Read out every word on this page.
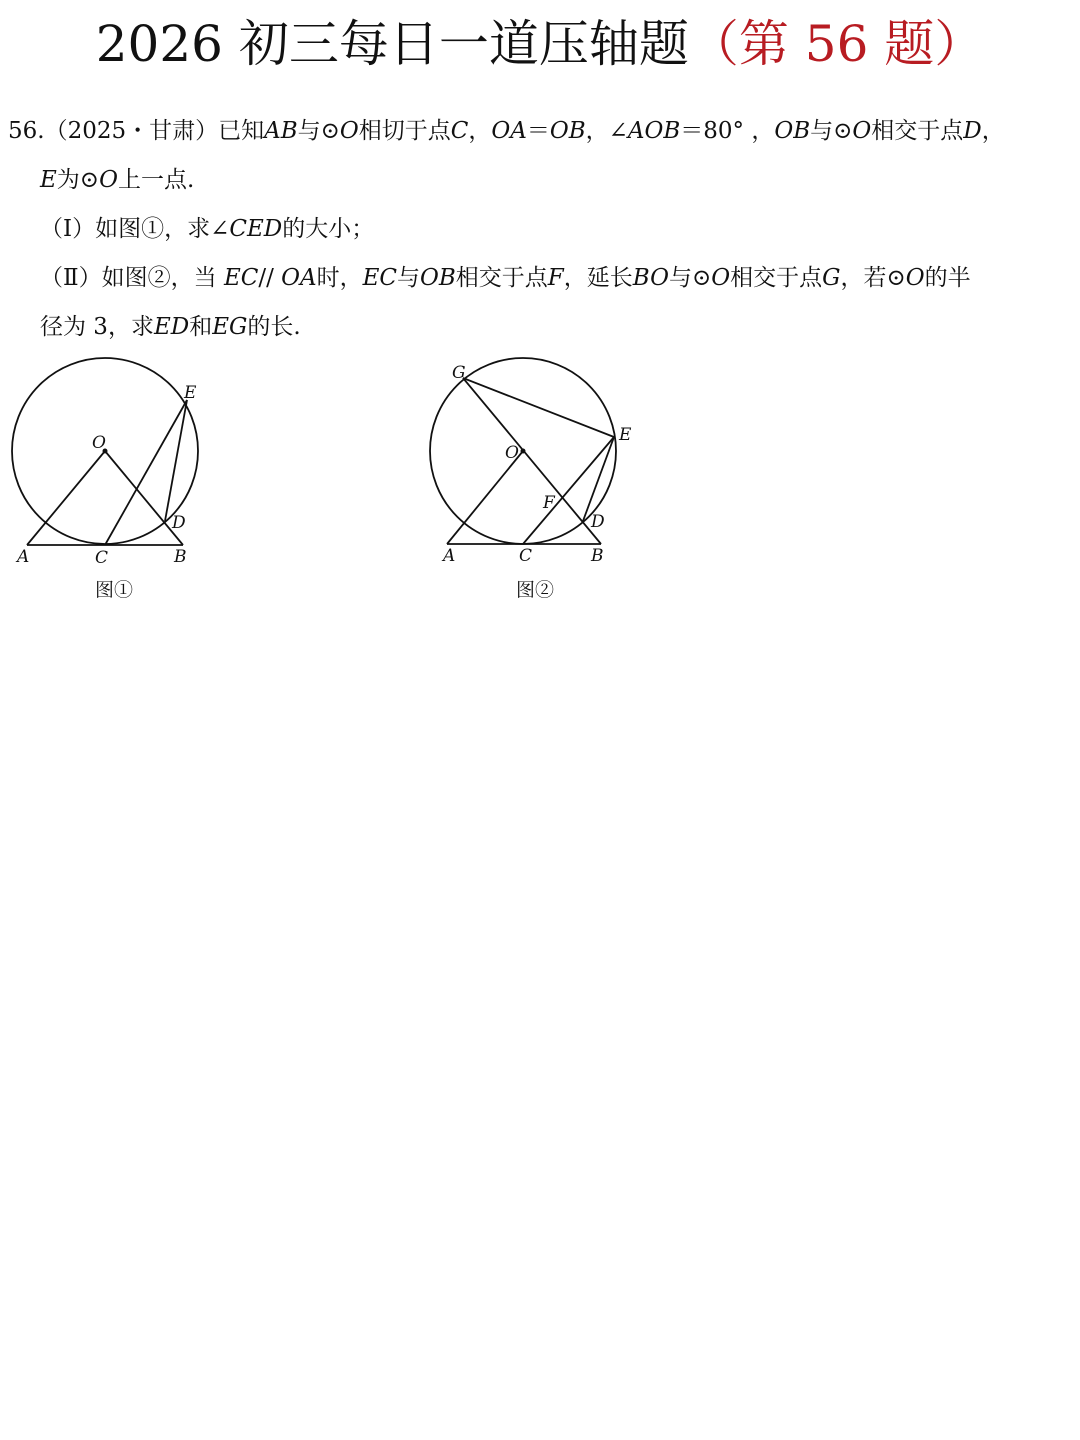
2026 初三每日一道压轴题（第 56 题）
56.（2025・甘肃）已知AB与⊙O相切于点C，OA＝OB，∠AOB＝80° ，OB与⊙O相交于点D，
E为⊙O上一点.
（Ⅰ）如图①，求∠CED的大小；
（Ⅱ）如图②，当 EC// OA时，EC与OB相交于点F，延长BO与⊙O相交于点G，若⊙O的半
径为 3，求ED和EG的长.
O
E
D
A	C	B
图①
G
O
E
F
D
A	C	B
图②
